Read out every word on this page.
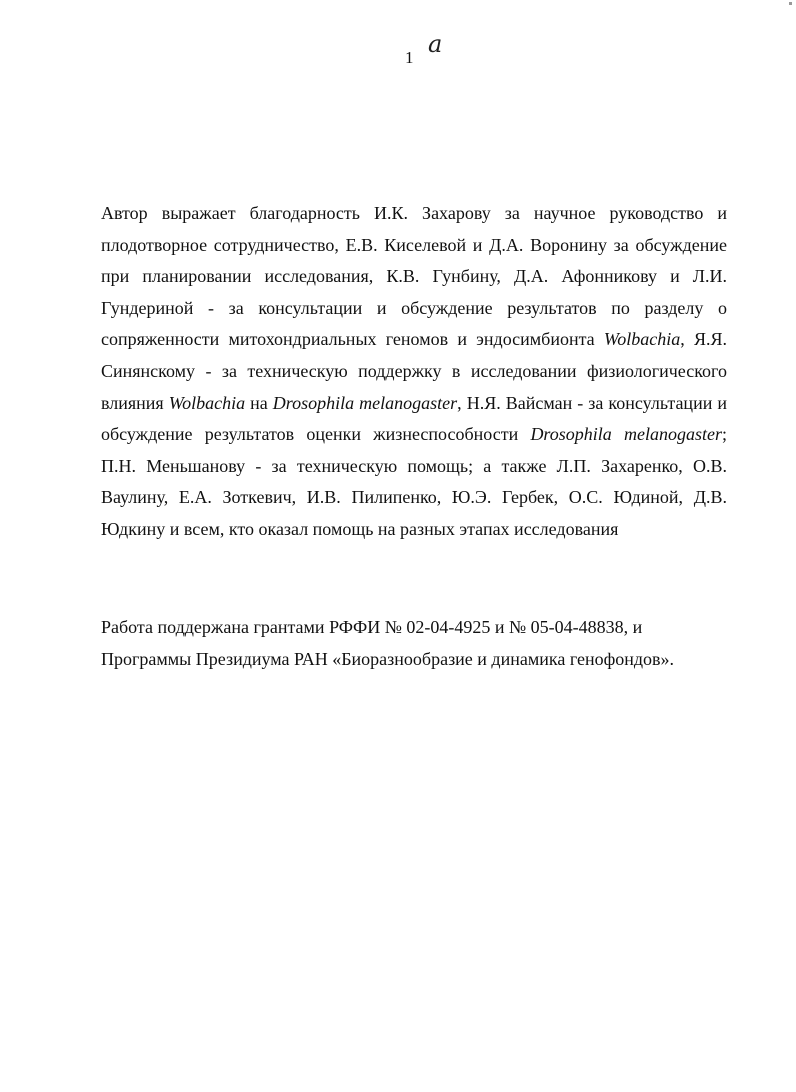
1 a

Автор выражает благодарность И.К. Захарову за научное руководство и плодотворное сотрудничество, Е.В. Киселевой и Д.А. Воронину за обсуждение при планировании исследования, К.В. Гунбину, Д.А. Афонникову и Л.И. Гундериной - за консультации и обсуждение результатов по разделу о сопряженности митохондриальных геномов и эндосимбионта Wolbachia, Я.Я. Синянскому - за техническую поддержку в исследовании физиологического влияния Wolbachia на Drosophila melanogaster, Н.Я. Вайсман - за консультации и обсуждение результатов оценки жизнеспособности Drosophila melanogaster; П.Н. Меньшанову - за техническую помощь; а также Л.П. Захаренко, О.В. Ваулину, Е.А. Зоткевич, И.В. Пилипенко, Ю.Э. Гербек, О.С. Юдиной, Д.В. Юдкину и всем, кто оказал помощь на разных этапах исследования

Работа поддержана грантами РФФИ № 02-04-4925 и № 05-04-48838, и
Программы Президиума РАН «Биоразнообразие и динамика генофондов».
